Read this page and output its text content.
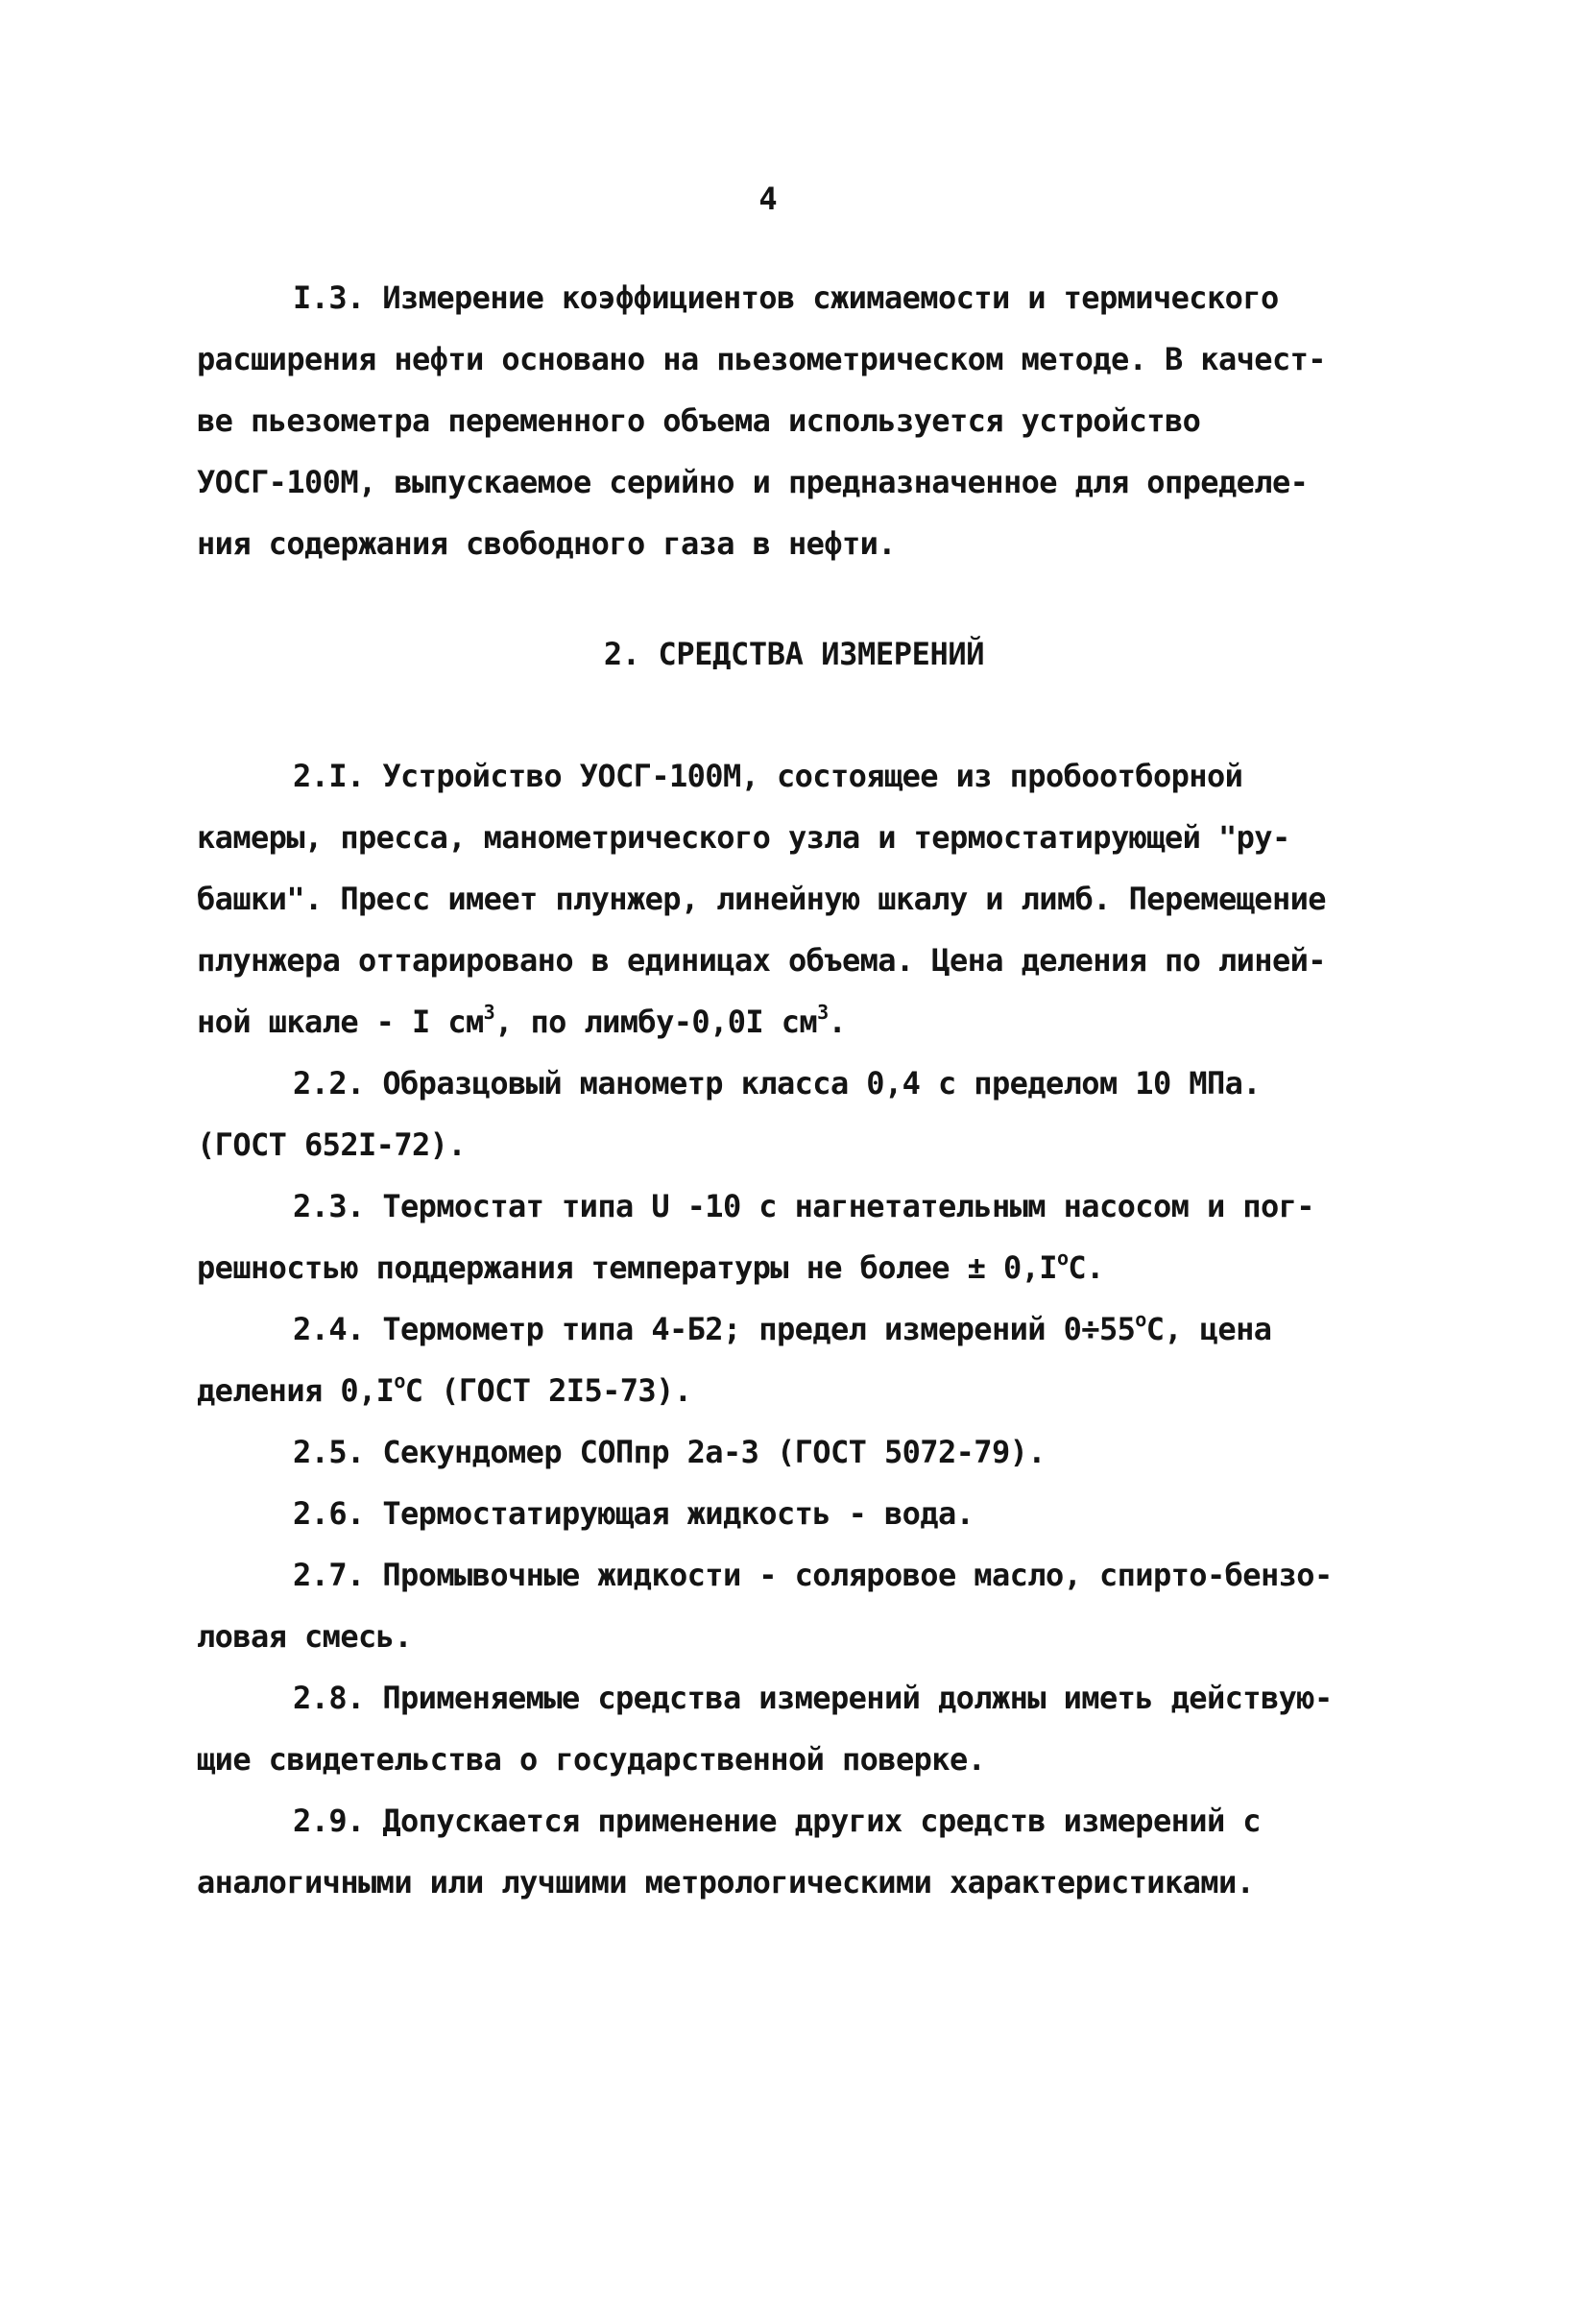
4
I.3. Измерение коэффициентов сжимаемости и термического
расширения нефти основано на пьезометрическом методе. В качест-
ве пьезометра переменного объема используется устройство
УОСГ-100М, выпускаемое серийно и предназначенное для определе-
ния содержания свободного газа в нефти.
2. СРЕДСТВА ИЗМЕРЕНИЙ
2.I. Устройство УОСГ-100М, состоящее из пробоотборной
камеры, пресса, манометрического узла и термостатирующей "ру-
башки". Пресс имеет плунжер, линейную шкалу и лимб. Перемещение
плунжера оттарировано в единицах объема. Цена деления по линей-
ной шкале - I $см^3$, по лимбу-0,0I $см^3$.
2.2. Образцовый манометр класса 0,4 с пределом 10 МПа.
(ГОСТ 652I-72).
2.3. Термостат типа U -10 с нагнетательным насосом и пог-
решностью поддержания температуры не более ± $0,I^oС$.
2.4. Термометр типа 4-Б2; предел измерений $0\div 55^oС$, цена
деления $0,I^oС$ (ГОСТ 2I5-73).
2.5. Секундомер СОПпр 2а-3 (ГОСТ 5072-79).
2.6. Термостатирующая жидкость - вода.
2.7. Промывочные жидкости - соляровое масло, спирто-бензо-
ловая смесь.
2.8. Применяемые средства измерений должны иметь действую-
щие свидетельства о государственной поверке.
2.9. Допускается применение других средств измерений с
аналогичными или лучшими метрологическими характеристиками.
